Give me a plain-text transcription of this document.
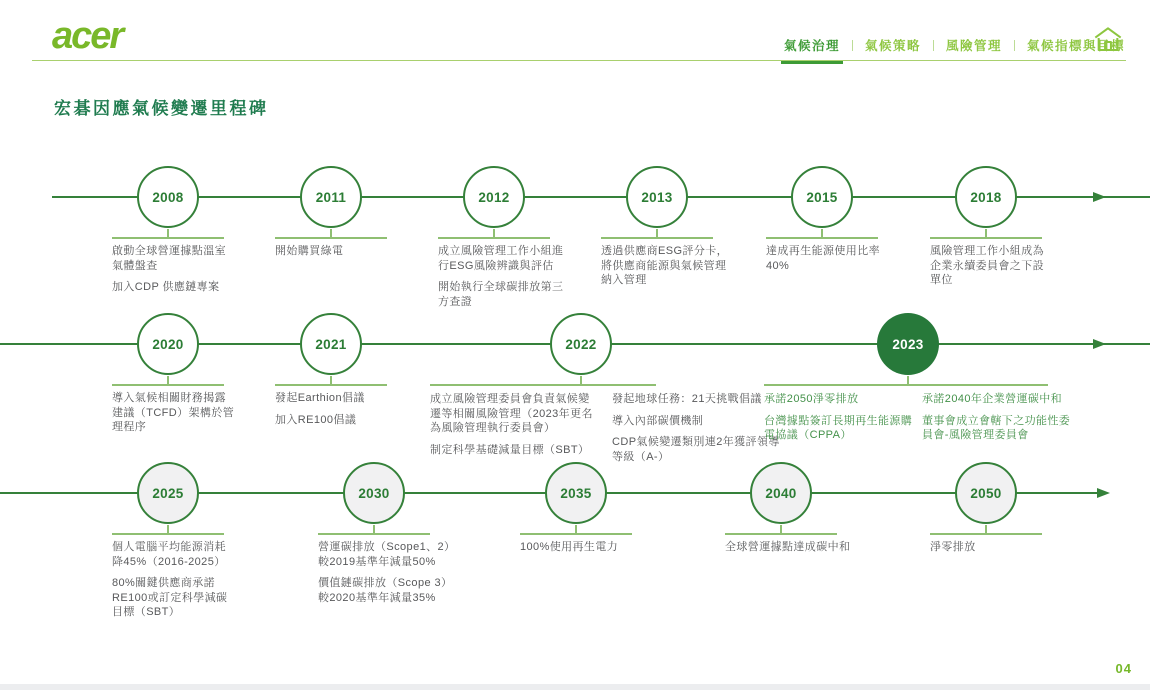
acer	氣候治理	氣候策略	風險管理	氣候指標與目標
宏碁因應氣候變遷里程碑
2008	2011	2012	2013	2015	2018

啟動全球營運據點溫室氣體盤查

加入CDP 供應鏈專案

開始購買綠電	成立風險管理工作小組進行ESG風險辨識與評估

開始執行全球碳排放第三方查證

透過供應商ESG評分卡，將供應商能源與氣候管理納入管理

達成再生能源使用比率40%

風險管理工作小組成為企業永續委員會之下設單位

2020	2021	2022	2023

導入氣候相關財務揭露建議（TCFD）架構於管理程序

發起Earthion倡議

加入RE100倡議

成立風險管理委員會負責氣候變遷等相關風險管理（2023年更名為風險管理執行委員會）

制定科學基礎減量目標（SBT）

發起地球任務：21天挑戰倡議

導入內部碳價機制

CDP氣候變遷類別連2年獲評領導等級（A-）

承諾2050淨零排放

台灣據點簽訂長期再生能源購電協議（CPPA）

承諾2040年企業營運碳中和

董事會成立會轄下之功能性委員會-風險管理委員會

2025	2030	2035	2040	2050

個人電腦平均能源消耗降45%（2016-2025）

80%關鍵供應商承諾RE100或訂定科學減碳目標（SBT）

營運碳排放（Scope1、2）較2019基準年減量50%

價值鏈碳排放（Scope 3）較2020基準年減量35%

100%使用再生電力	全球營運據點達成碳中和	淨零排放

04
